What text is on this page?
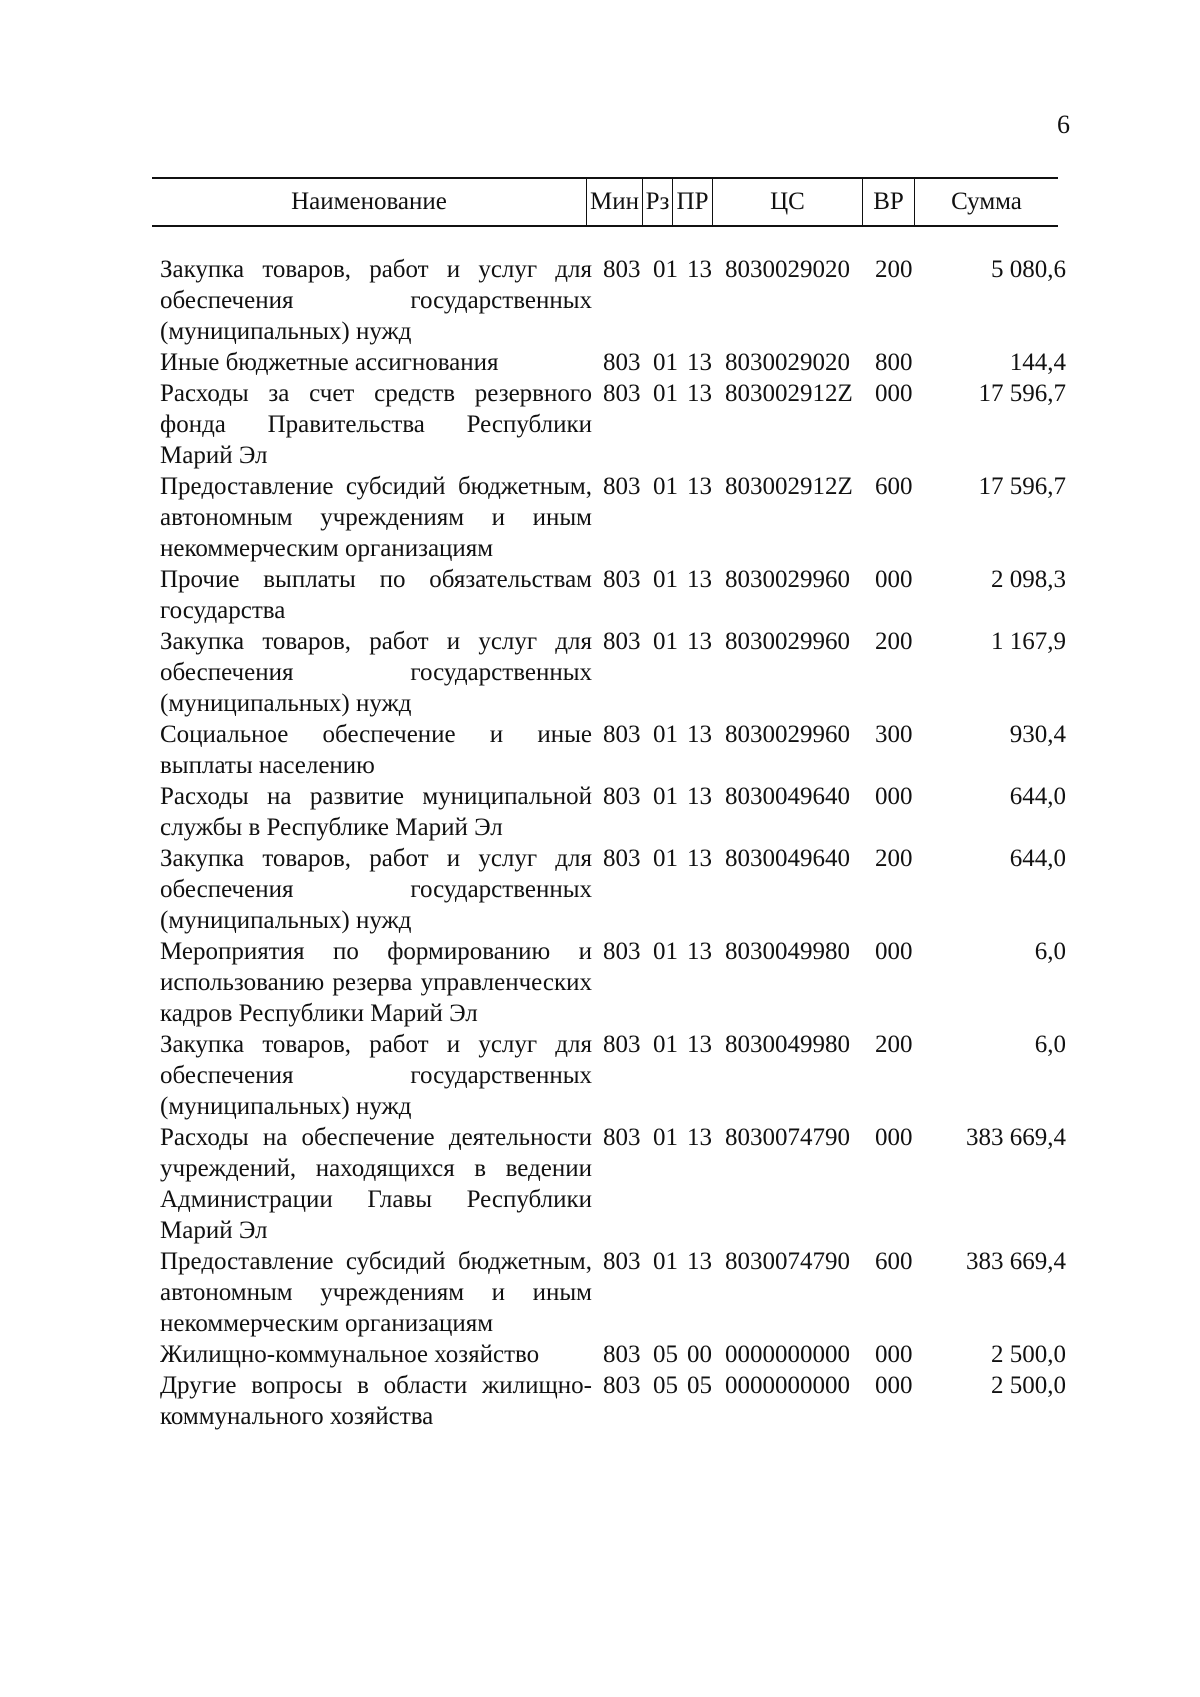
6
Наименование	Мин Рз ПР	ЦС	ВР	Сумма
Закупка товаров, работ и услуг для обеспечения государственных (муниципальных) нужд
803 01 13 8030029020 200	5 080,6
Иные бюджетные ассигнования	803 01 13 8030029020 800	144,4
Расходы за счет средств резервного фонда Правительства Республики Марий Эл
803 01 13 803002912Z 000	17 596,7
Предоставление субсидий бюджетным, автономным учреждениям и иным некоммерческим организациям
803 01 13 803002912Z 600	17 596,7
Прочие выплаты по обязательствам государства
803 01 13 8030029960 000	2 098,3
Закупка товаров, работ и услуг для обеспечения государственных (муниципальных) нужд
803 01 13 8030029960 200	1 167,9
Социальное обеспечение и иные выплаты населению
803 01 13 8030029960 300	930,4
Расходы на развитие муниципальной службы в Республике Марий Эл
803 01 13 8030049640 000	644,0
Закупка товаров, работ и услуг для обеспечения государственных (муниципальных) нужд
803 01 13 8030049640 200	644,0
Мероприятия по формированию и использованию резерва управленческих кадров Республики Марий Эл
803 01 13 8030049980 000	6,0
Закупка товаров, работ и услуг для обеспечения государственных (муниципальных) нужд
803 01 13 8030049980 200	6,0
Расходы на обеспечение деятельности учреждений, находящихся в ведении Администрации Главы Республики Марий Эл
803 01 13 8030074790 000	383 669,4
Предоставление субсидий бюджетным, автономным учреждениям и иным некоммерческим организациям
803 01 13 8030074790 600	383 669,4
Жилищно-коммунальное хозяйство	803 05 00 0000000000 000	2 500,0
Другие вопросы в области жилищно-коммунального хозяйства
803 05 05 0000000000 000	2 500,0
